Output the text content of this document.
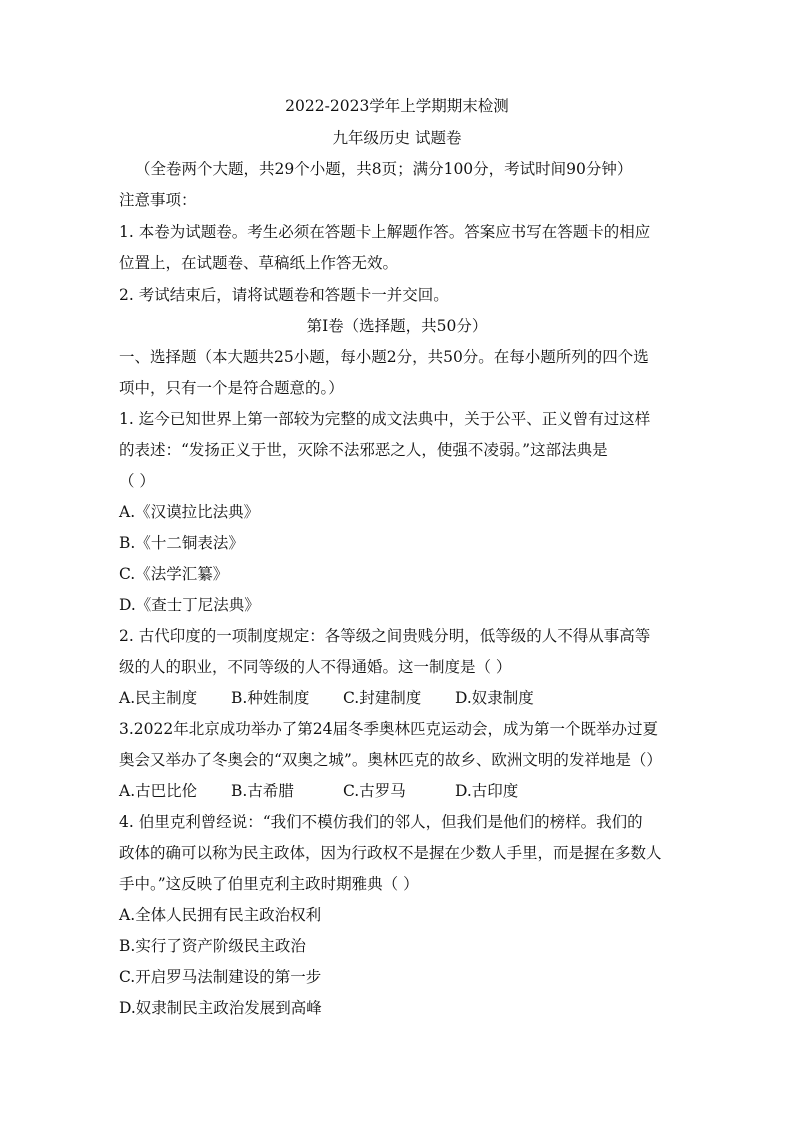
2022-2023学年上学期期末检测
九年级历史 试题卷
（全卷两个大题，共29个小题，共8页；满分100分，考试时间90分钟）
注意事项：
1. 本卷为试题卷。考生必须在答题卡上解题作答。答案应书写在答题卡的相应
位置上，在试题卷、草稿纸上作答无效。
2. 考试结束后，请将试题卷和答题卡一并交回。
第Ⅰ卷（选择题，共50分）
一、选择题（本大题共25小题，每小题2分，共50分。在每小题所列的四个选
项中，只有一个是符合题意的。）
1. 迄今已知世界上第一部较为完整的成文法典中，关于公平、正义曾有过这样
的表述：“发扬正义于世，灭除不法邪恶之人，使强不凌弱。”这部法典是
（ ）
A.《汉谟拉比法典》
B.《十二铜表法》
C.《法学汇纂》
D.《查士丁尼法典》
2. 古代印度的一项制度规定：各等级之间贵贱分明，低等级的人不得从事高等
级的人的职业，不同等级的人不得通婚。这一制度是（ ）
A.民主制度	B.种姓制度	C.封建制度	D.奴隶制度
3.2022年北京成功举办了第24届冬季奥林匹克运动会，成为第一个既举办过夏
奥会又举办了冬奥会的“双奥之城”。奥林匹克的故乡、欧洲文明的发祥地是（）
A.古巴比伦	B.古希腊	C.古罗马	D.古印度
4. 伯里克利曾经说：“我们不模仿我们的邻人，但我们是他们的榜样。我们的
政体的确可以称为民主政体，因为行政权不是握在少数人手里，而是握在多数人
手中。”这反映了伯里克利主政时期雅典（ ）
A.全体人民拥有民主政治权利
B.实行了资产阶级民主政治
C.开启罗马法制建设的第一步
D.奴隶制民主政治发展到高峰
